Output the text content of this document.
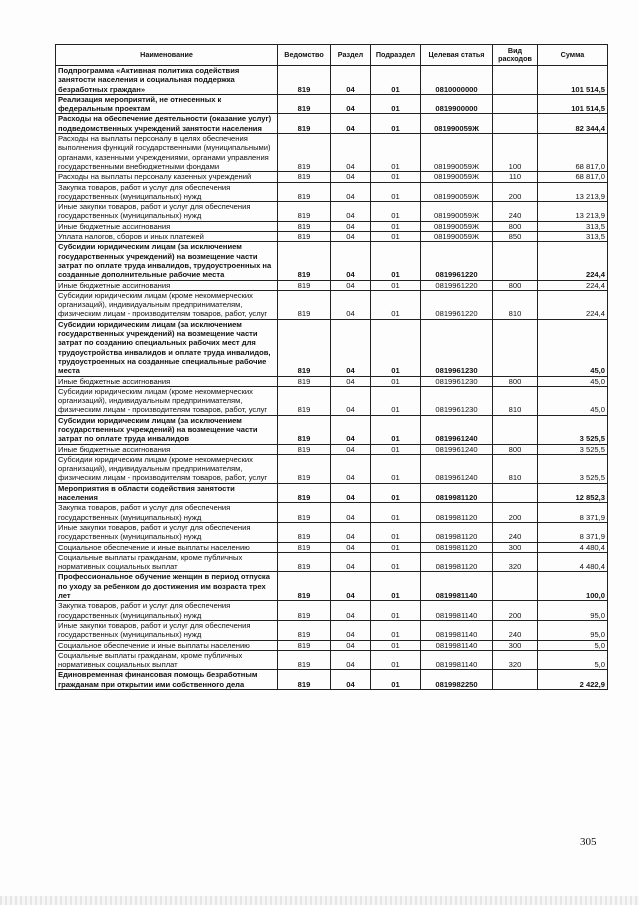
Наименование	Ведомство	Раздел	Подраздел	Целевая статья	Вид расходов	Сумма
Подпрограмма «Активная политика содействия занятости населения и социальная поддержка безработных граждан»	819	04	01	0810000000		101 514,5
Реализация мероприятий, не отнесенных к федеральным проектам	819	04	01	0819900000		101 514,5
Расходы на обеспечение деятельности (оказание услуг) подведомственных учреждений занятости населения	819	04	01	081990059Ж		82 344,4
Расходы на выплаты персоналу в целях обеспечения выполнения функций государственными (муниципальными) органами, казенными учреждениями, органами управления государственными внебюджетными фондами	819	04	01	081990059Ж	100	68 817,0
Расходы на выплаты персоналу казенных учреждений	819	04	01	081990059Ж	110	68 817,0
Закупка товаров, работ и услуг для обеспечения государственных (муниципальных) нужд	819	04	01	081990059Ж	200	13 213,9
Иные закупки товаров, работ и услуг для обеспечения государственных (муниципальных) нужд	819	04	01	081990059Ж	240	13 213,9
Иные бюджетные ассигнования	819	04	01	081990059Ж	800	313,5
Уплата налогов, сборов и иных платежей	819	04	01	081990059Ж	850	313,5
Субсидии юридическим лицам (за исключением государственных учреждений) на возмещение части затрат по оплате труда инвалидов, трудоустроенных на созданные дополнительные рабочие места	819	04	01	0819961220		224,4
Иные бюджетные ассигнования	819	04	01	0819961220	800	224,4
Субсидии юридическим лицам (кроме некоммерческих организаций), индивидуальным предпринимателям, физическим лицам - производителям товаров, работ, услуг	819	04	01	0819961220	810	224,4
Субсидии юридическим лицам (за исключением государственных учреждений) на возмещение части затрат по созданию специальных рабочих мест для трудоустройства инвалидов и оплате труда инвалидов, трудоустроенных на созданные специальные рабочие места	819	04	01	0819961230		45,0
Иные бюджетные ассигнования	819	04	01	0819961230	800	45,0
Субсидии юридическим лицам (кроме некоммерческих организаций), индивидуальным предпринимателям, физическим лицам - производителям товаров, работ, услуг	819	04	01	0819961230	810	45,0
Субсидии юридическим лицам (за исключением государственных учреждений) на возмещение части затрат по оплате труда инвалидов	819	04	01	0819961240		3 525,5
Иные бюджетные ассигнования	819	04	01	0819961240	800	3 525,5
Субсидии юридическим лицам (кроме некоммерческих организаций), индивидуальным предпринимателям, физическим лицам - производителям товаров, работ, услуг	819	04	01	0819961240	810	3 525,5
Мероприятия в области содействия занятости населения	819	04	01	0819981120		12 852,3
Закупка товаров, работ и услуг для обеспечения государственных (муниципальных) нужд	819	04	01	0819981120	200	8 371,9
Иные закупки товаров, работ и услуг для обеспечения государственных (муниципальных) нужд	819	04	01	0819981120	240	8 371,9
Социальное обеспечение и иные выплаты населению	819	04	01	0819981120	300	4 480,4
Социальные выплаты гражданам, кроме публичных нормативных социальных выплат	819	04	01	0819981120	320	4 480,4
Профессиональное обучение женщин в период отпуска по уходу за ребенком до достижения им возраста трех лет	819	04	01	0819981140		100,0
Закупка товаров, работ и услуг для обеспечения государственных (муниципальных) нужд	819	04	01	0819981140	200	95,0
Иные закупки товаров, работ и услуг для обеспечения государственных (муниципальных) нужд	819	04	01	0819981140	240	95,0
Социальное обеспечение и иные выплаты населению	819	04	01	0819981140	300	5,0
Социальные выплаты гражданам, кроме публичных нормативных социальных выплат	819	04	01	0819981140	320	5,0
Единовременная финансовая помощь безработным гражданам при открытии ими собственного дела	819	04	01	0819982250		2 422,9
305
